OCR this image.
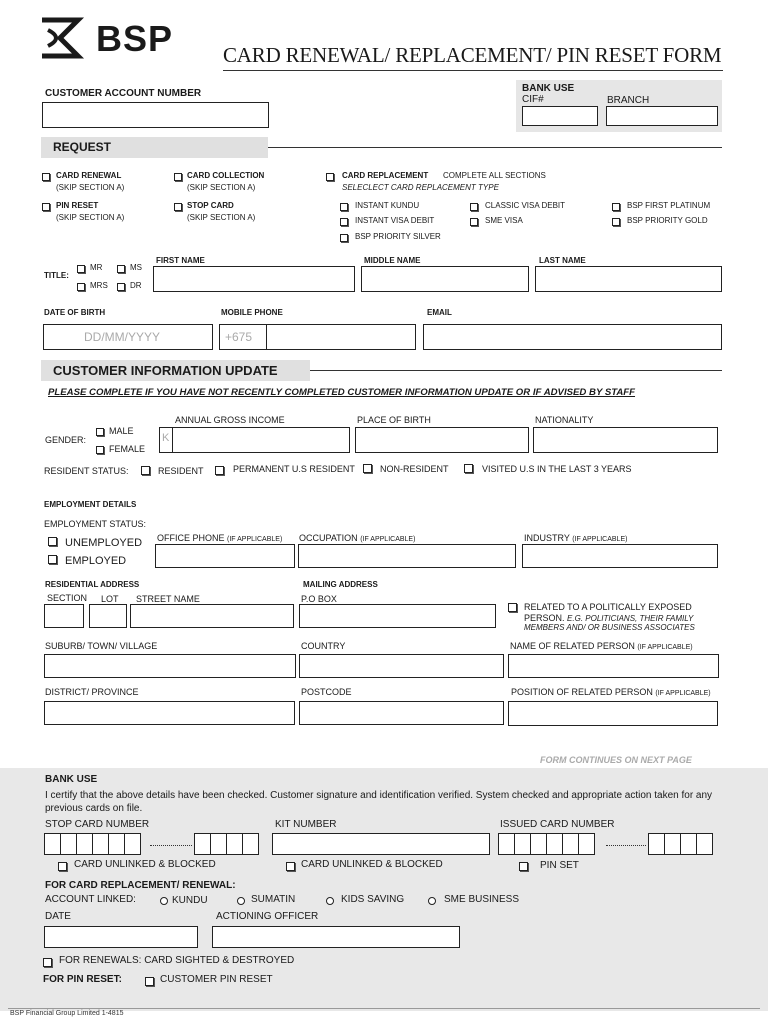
BSP CARD RENEWAL/ REPLACEMENT/ PIN RESET FORM
CUSTOMER ACCOUNT NUMBER	BANK USE
CIF#	BRANCH
REQUEST
CARD RENEWAL
(SKIP SECTION A)
CARD COLLECTION
(SKIP SECTION A)
CARD REPLACEMENT COMPLETE ALL SECTIONS
SELECLECT CARD REPLACEMENT TYPE
PIN RESET
(SKIP SECTION A)
STOP CARD
(SKIP SECTION A)
INSTANT KUNDU
INSTANT VISA DEBIT
BSP PRIORITY SILVER
CLASSIC VISA DEBIT
SME VISA
BSP FIRST PLATINUM
BSP PRIORITY GOLD
TITLE:
MR	MS
MRS	DR
FIRST NAME	MIDDLE NAME	LAST NAME
DATE OF BIRTH
DD/MM/YYYY
MOBILE PHONE
+675
EMAIL
CUSTOMER INFORMATION UPDATE
PLEASE COMPLETE IF YOU HAVE NOT RECENTLY COMPLETED CUSTOMER INFORMATION UPDATE OR IF ADVISED BY STAFF
GENDER:
MALE
FEMALE
ANNUAL GROSS INCOME
K
PLACE OF BIRTH	NATIONALITY
RESIDENT STATUS:	RESIDENT	PERMANENT U.S RESIDENT	NON-RESIDENT	VISITED U.S IN THE LAST 3 YEARS
EMPLOYMENT DETAILS
EMPLOYMENT STATUS:
UNEMPLOYED
EMPLOYED
OFFICE PHONE (IF APPLICABLE) OCCUPATION (IF APPLICABLE)	INDUSTRY (IF APPLICABLE)
RESIDENTIAL ADDRESS	MAILING ADDRESS
SECTION LOT STREET NAME	P.O BOX
RELATED TO A POLITICALLY EXPOSED
PERSON. E.G. POLITICIANS, THEIR FAMILY
MEMBERS AND/ OR BUSINESS ASSOCIATES
SUBURB/ TOWN/ VILLAGE	COUNTRY	NAME OF RELATED PERSON (IF APPLICABLE)
DISTRICT/ PROVINCE	POSTCODE	POSITION OF RELATED PERSON (IF APPLICABLE)
FORM CONTINUES ON NEXT PAGE
BANK USE
I certify that the above details have been checked. Customer signature and identification verified. System checked and appropriate action taken for any previous cards on file.
STOP CARD NUMBER	KIT NUMBER	ISSUED CARD NUMBER
CARD UNLINKED & BLOCKED	CARD UNLINKED & BLOCKED	PIN SET
FOR CARD REPLACEMENT/ RENEWAL:
ACCOUNT LINKED:	KUNDU	SUMATIN	KIDS SAVING	SME BUSINESS
DATE	ACTIONING OFFICER
FOR RENEWALS: CARD SIGHTED & DESTROYED
FOR PIN RESET:	CUSTOMER PIN RESET
BSP Financial Group Limited 1-4815
